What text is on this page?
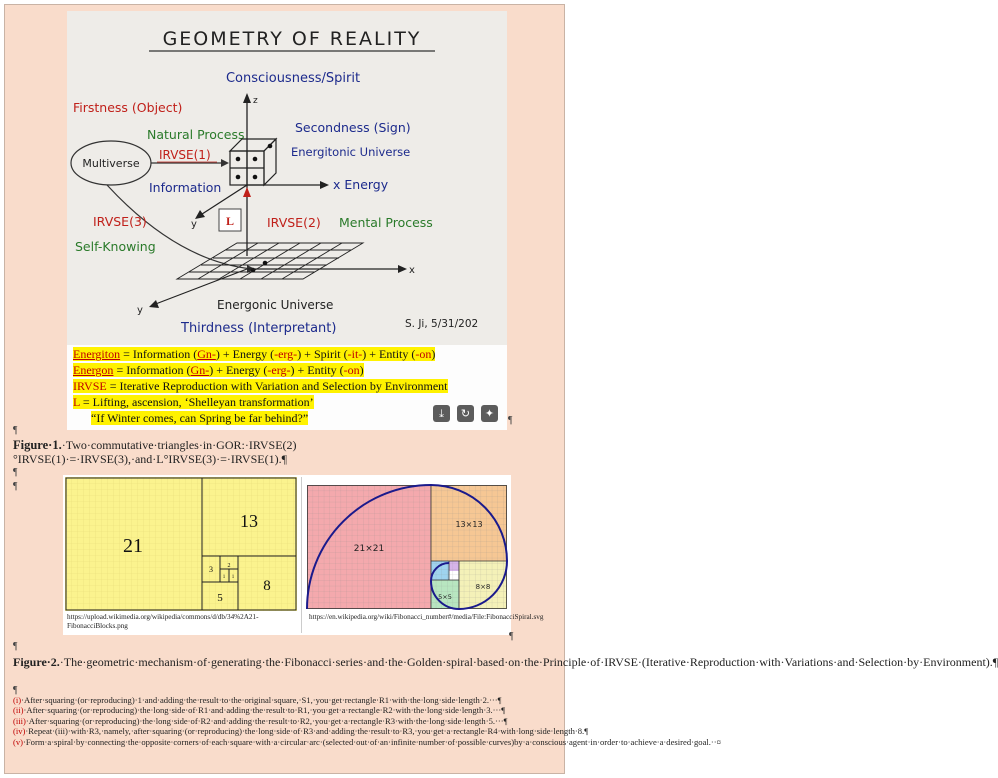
GEOMETRY OF REALITY
Consciousness/Spirit
z
Firstness (Object)
Natural Process	Secondness (Sign)
Energitonic Universe
Multiverse
IRVSE(1)
Information	x Energy
y
IRVSE(3)
Self-Knowing
L	IRVSE(2) Mental Process
x
y	Energonic Universe
Thirdness (Interpretant)	S. Ji, 5/31/202
Energiton = Information (Gn-) + Energy (-erg-) + Spirit (-it-) + Entity (-on)
Energon = Information (Gn-) + Energy (-erg-) + Entity (-on)
IRVSE = Iterative Reproduction with Variation and Selection by Environment
L = Lifting, ascension, ‘Shelleyan transformation’
“If Winter comes, can Spring be far behind?”	⤓	↻	✦
¶
¶
Figure·1.·Two·commutative·triangles·in·GOR:·IRVSE(2)°IRVSE(1)·=·IRVSE(3),·and·L°IRVSE(3)·=·IRVSE(1).¶
¶
¶
21
13
8
5
3 2
1 1
https://upload.wikimedia.org/wikipedia/commons/d/db/34%2A21-FibonacciBlocks.png
21×21
13×13
8×8
5×5
https://en.wikipedia.org/wiki/Fibonacci_number#/media/File:FibonacciSpiral.svg
¶
¶
Figure·2.·The·geometric·mechanism·of·generating·the·Fibonacci·series·and·the·Golden·spiral·based·on·the·Principle·of·IRVSE·(Iterative·Reproduction·with·Variations·and·Selection·by·Environment).¶
¶
(i)·After·squaring·(or·reproducing)·1·and·adding·the·result·to·the·original·square,·S1,·you·get·rectangle·R1·with·the·long·side·length·2.···¶
(ii)·After·squaring·(or·reproducing)·the·long·side·of·R1·and·adding·the·result·to·R1,·you·get·a·rectangle·R2·with·the·long·side·length·3.···¶
(iii)·After·squaring·(or·reproducing)·the·long·side·of·R2·and·adding·the·result·to·R2,·you·get·a·rectangle·R3·with·the·long·side·length·5.···¶
(iv)·Repeat·(iii)·with·R3,·namely,·after·squaring·(or·reproducing)·the·long·side·of·R3·and·adding·the·result·to·R3,·you·get·a·rectangle·R4·with·long·side·length·8.¶
(v)·Form·a·spiral·by·connecting·the·opposite·corners·of·each·square·with·a·circular·arc·(selected·out·of·an·infinite·number·of·possible·curves)by·a·conscious·agent·in·order·to·achieve·a·desired·goal.··¤
